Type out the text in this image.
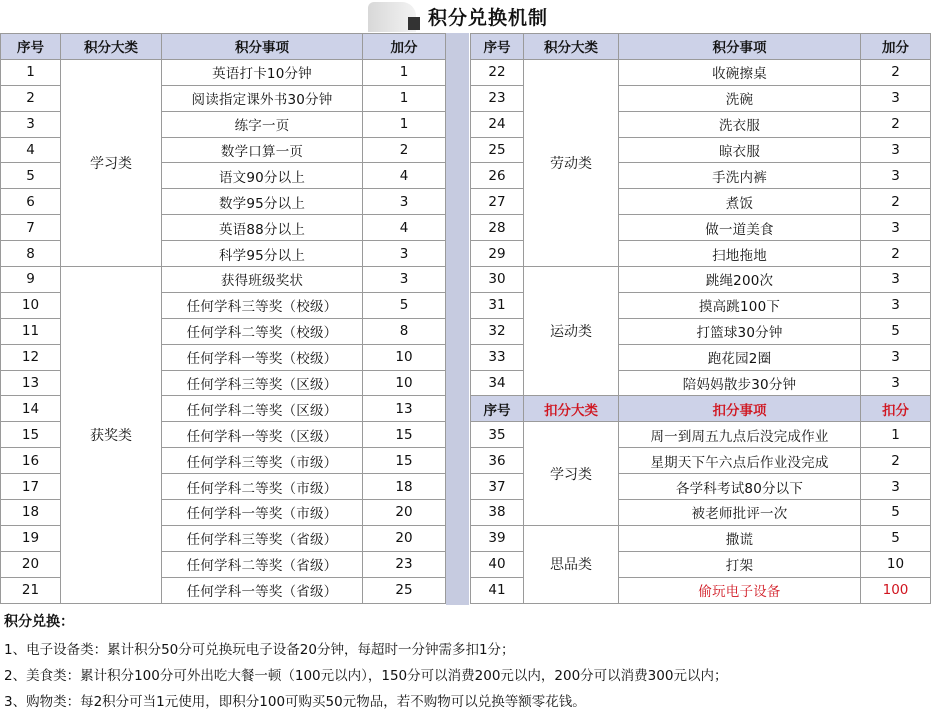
积分兑换机制
序号	积分大类	积分事项	加分
1	学习类	英语打卡10分钟	1
2		阅读指定课外书30分钟	1
3		练字一页	1
4		数学口算一页	2
5		语文90分以上	4
6		数学95分以上	3
7		英语88分以上	4
8		科学95分以上	3
9	获奖类	获得班级奖状	3
10		任何学科三等奖（校级）	5
11		任何学科二等奖（校级）	8
12		任何学科一等奖（校级）	10
13		任何学科三等奖（区级）	10
14		任何学科二等奖（区级）	13
15		任何学科一等奖（区级）	15
16		任何学科三等奖（市级）	15
17		任何学科二等奖（市级）	18
18		任何学科一等奖（市级）	20
19		任何学科三等奖（省级）	20
20		任何学科二等奖（省级）	23
21		任何学科一等奖（省级）	25
序号	积分大类	积分事项	加分
22	劳动类	收碗擦桌	2
23		洗碗	3
24		洗衣服	2
25		晾衣服	3
26		手洗内裤	3
27		煮饭	2
28		做一道美食	3
29		扫地拖地	2
30	运动类	跳绳200次	3
31		摸高跳100下	3
32		打篮球30分钟	5
33		跑花园2圈	3
34		陪妈妈散步30分钟	3
序号	扣分大类	扣分事项	扣分
35	学习类	周一到周五九点后没完成作业	1
36		星期天下午六点后作业没完成	2
37		各学科考试80分以下	3
38		被老师批评一次	5
39	思品类	撒谎	5
40		打架	10
41		偷玩电子设备	100
积分兑换：
1、电子设备类：累计积分50分可兑换玩电子设备20分钟，每超时一分钟需多扣1分；
2、美食类：累计积分100分可外出吃大餐一顿（100元以内），150分可以消费200元以内，200分可以消费300元以内；
3、购物类：每2积分可当1元使用，即积分100可购买50元物品，若不购物可以兑换等额零花钱。
